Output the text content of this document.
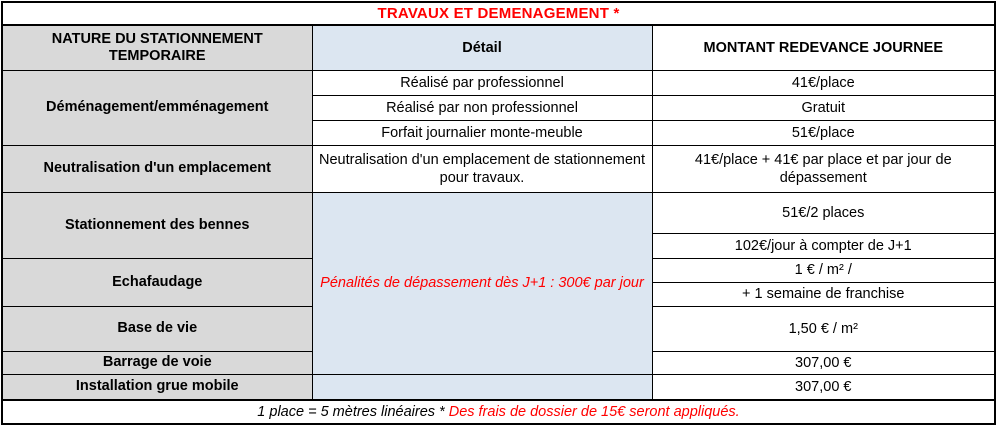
TRAVAUX ET DEMENAGEMENT *		
NATURE DU STATIONNEMENT TEMPORAIRE	Détail	MONTANT REDEVANCE JOURNEE
Déménagement/emménagement	Réalisé par professionnel	41€/place
	Réalisé par non professionnel	Gratuit
	Forfait journalier monte-meuble	51€/place
Neutralisation d'un emplacement	Neutralisation d'un emplacement de stationnement pour travaux.	41€/place + 41€ par place et par jour de dépassement
Stationnement des bennes	Pénalités de dépassement dès J+1 : 300€ par jour	51€/2 places
		102€/jour à compter de J+1
Echafaudage		1 € / m² /
		+ 1 semaine de franchise
Base de vie		1,50 € / m²
Barrage de voie		307,00 €
Installation grue mobile		307,00 €
1 place = 5 mètres linéaires * Des frais de dossier de 15€ seront appliqués.		
